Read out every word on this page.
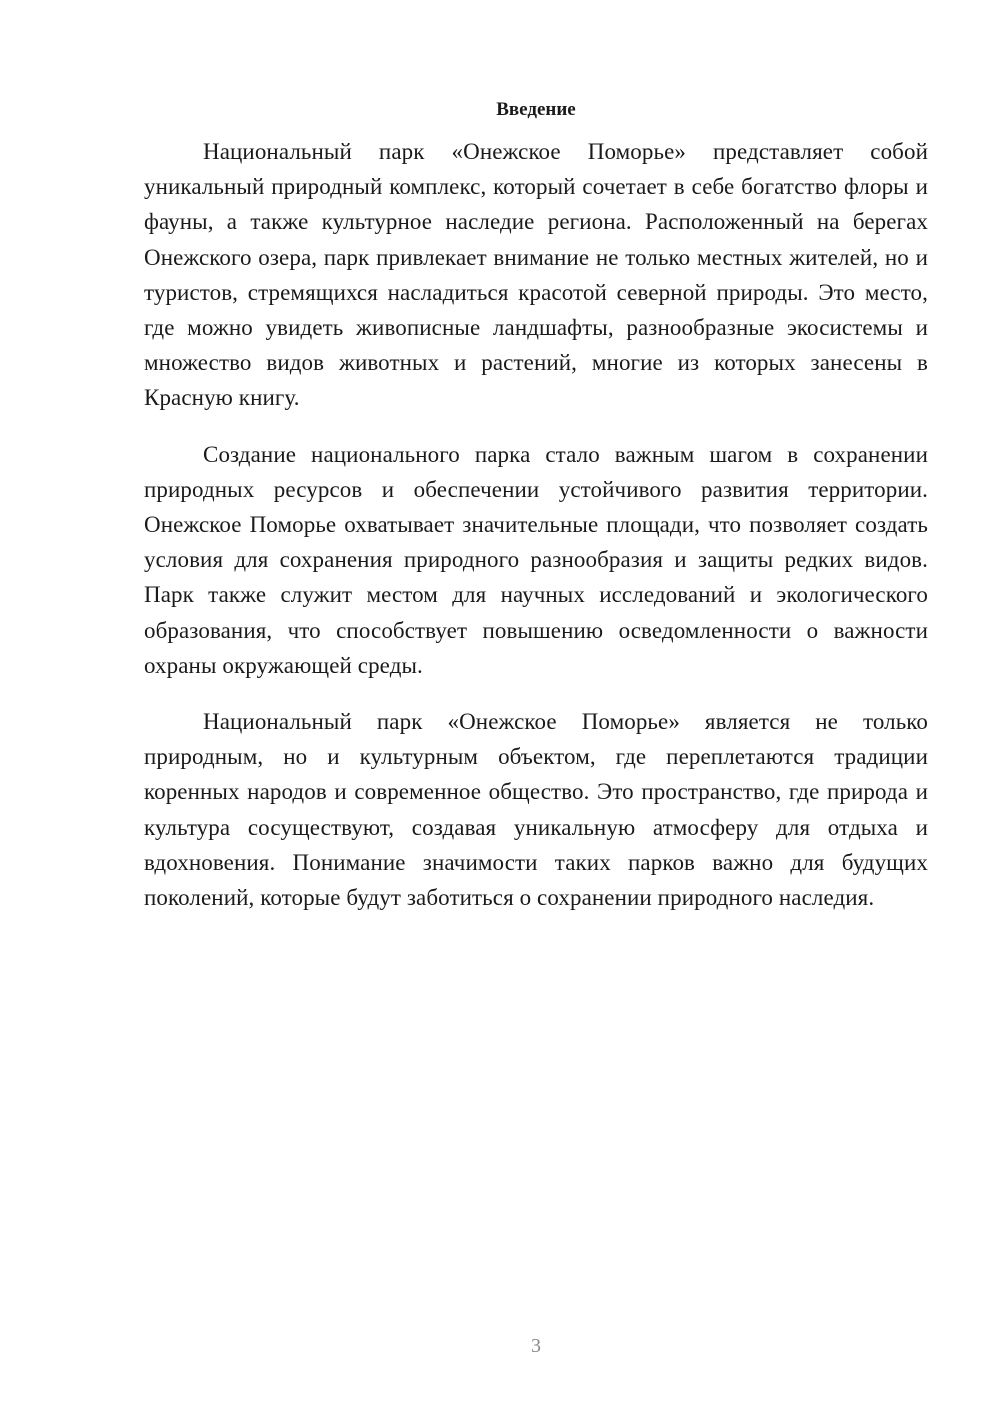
Введение

Национальный парк «Онежское Поморье» представляет собой уникальный природный комплекс, который сочетает в себе богатство флоры и фауны, а также культурное наследие региона. Расположенный на берегах Онежского озера, парк привлекает внимание не только местных жителей, но и туристов, стремящихся насладиться красотой северной природы. Это место, где можно увидеть живописные ландшафты, разнообразные экосистемы и множество видов животных и растений, многие из которых занесены в Красную книгу.

Создание национального парка стало важным шагом в сохранении природных ресурсов и обеспечении устойчивого развития территории. Онежское Поморье охватывает значительные площади, что позволяет создать условия для сохранения природного разнообразия и защиты редких видов. Парк также служит местом для научных исследований и экологического образования, что способствует повышению осведомленности о важности охраны окружающей среды.

Национальный парк «Онежское Поморье» является не только природным, но и культурным объектом, где переплетаются традиции коренных народов и современное общество. Это пространство, где природа и культура сосуществуют, создавая уникальную атмосферу для отдыха и вдохновения. Понимание значимости таких парков важно для будущих поколений, которые будут заботиться о сохранении природного наследия.

3
